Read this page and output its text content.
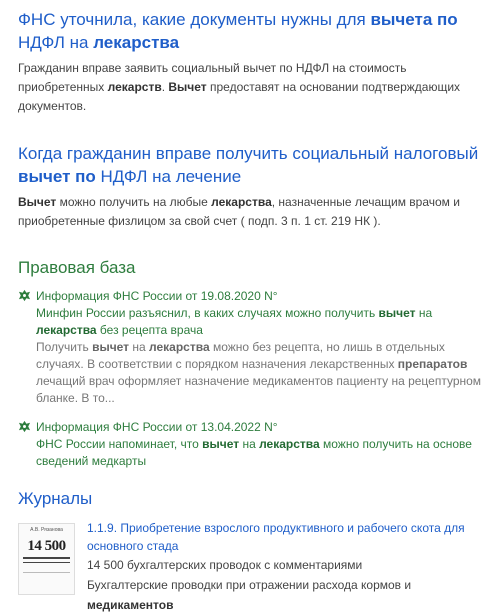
ФНС уточнила, какие документы нужны для вычета по НДФЛ на лекарства

Гражданин вправе заявить социальный вычет по НДФЛ на стоимость приобретенных лекарств. Вычет предоставят на основании подтверждающих документов.

Когда гражданин вправе получить социальный налоговый вычет по НДФЛ на лечение

Вычет можно получить на любые лекарства, назначенные лечащим врачом и приобретенные физлицом за свой счет ( подп. 3 п. 1 ст. 219 НК ).

Правовая база
Информация ФНС России от 19.08.2020 N°
Минфин России разъяснил, в каких случаях можно получить вычет на лекарства без рецепта врача
Получить вычет на лекарства можно без рецепта, но лишь в отдельных случаях. В соответствии с порядком назначения лекарственных препаратов лечащий врач оформляет назначение медикаментов пациенту на рецептурном бланке. В то...
Информация ФНС России от 13.04.2022 N°
ФНС России напоминает, что вычет на лекарства можно получить на основе сведений медкарты
Журналы
А.В. Рязанова
14 500
1.1.9. Приобретение взрослого продуктивного и рабочего скота для основного стада
14 500 бухгалтерских проводок с комментариями
Бухгалтерские проводки при отражении расхода кормов и медикаментов
